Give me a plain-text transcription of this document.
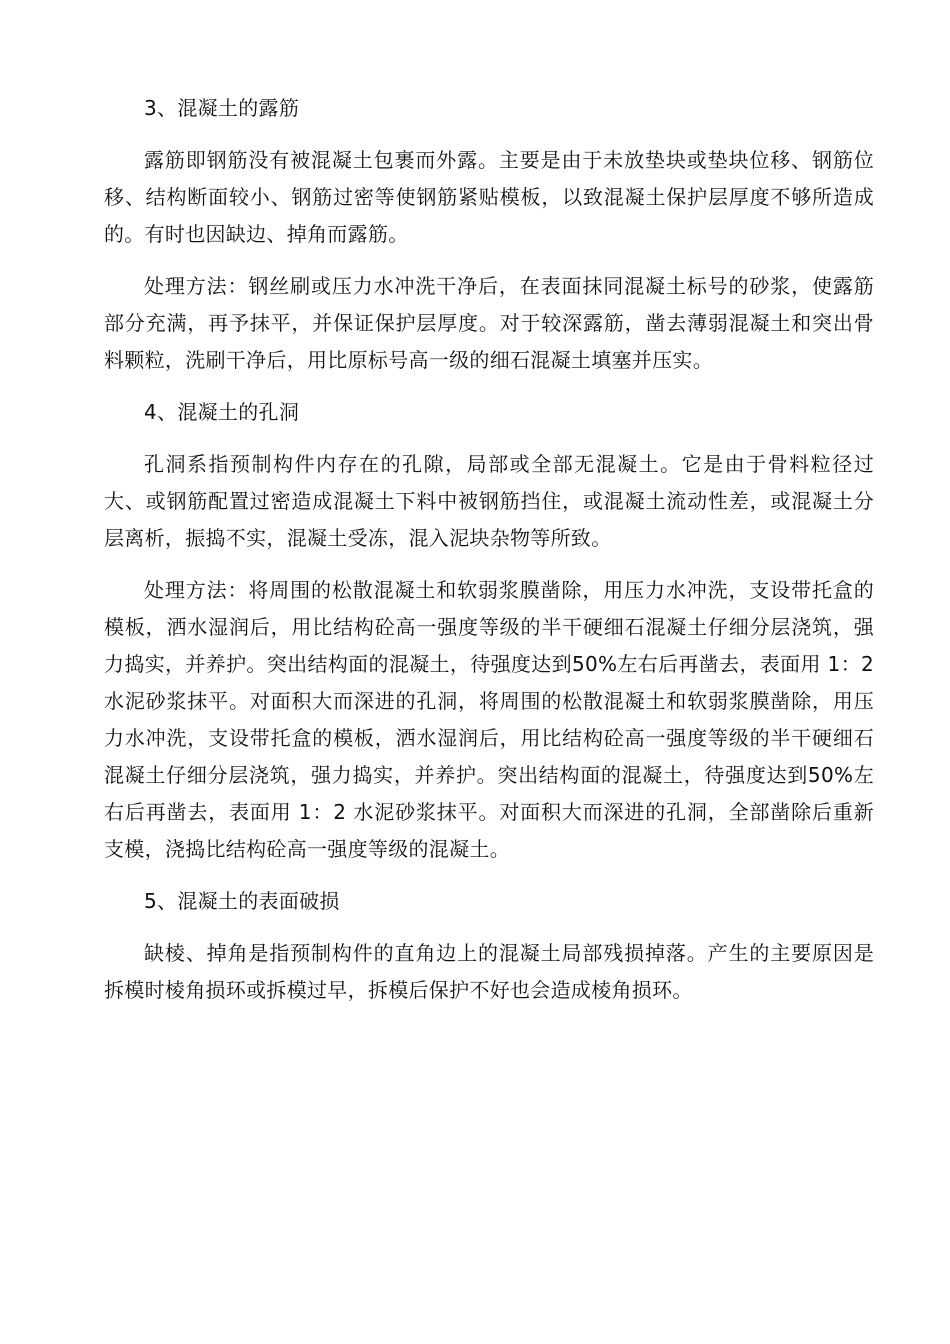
3、混凝土的露筋

露筋即钢筋没有被混凝土包裹而外露。主要是由于未放垫块或垫块位移、钢筋位移、结构断面较小、钢筋过密等使钢筋紧贴模板，以致混凝土保护层厚度不够所造成的。有时也因缺边、掉角而露筋。

处理方法：钢丝刷或压力水冲洗干净后，在表面抹同混凝土标号的砂浆，使露筋部分充满，再予抹平，并保证保护层厚度。对于较深露筋，凿去薄弱混凝土和突出骨料颗粒，洗刷干净后，用比原标号高一级的细石混凝土填塞并压实。

4、混凝土的孔洞

孔洞系指预制构件内存在的孔隙，局部或全部无混凝土。它是由于骨料粒径过大、或钢筋配置过密造成混凝土下料中被钢筋挡住，或混凝土流动性差，或混凝土分层离析，振捣不实，混凝土受冻，混入泥块杂物等所致。

处理方法：将周围的松散混凝土和软弱浆膜凿除，用压力水冲洗，支设带托盒的模板，洒水湿润后，用比结构砼高一强度等级的半干硬细石混凝土仔细分层浇筑，强力捣实，并养护。突出结构面的混凝土，待强度达到50%左右后再凿去，表面用 1：2 水泥砂浆抹平。对面积大而深进的孔洞，将周围的松散混凝土和软弱浆膜凿除，用压力水冲洗，支设带托盒的模板，洒水湿润后，用比结构砼高一强度等级的半干硬细石混凝土仔细分层浇筑，强力捣实，并养护。突出结构面的混凝土，待强度达到50%左右后再凿去，表面用 1：2 水泥砂浆抹平。对面积大而深进的孔洞，全部凿除后重新支模，浇捣比结构砼高一强度等级的混凝土。

5、混凝土的表面破损

缺棱、掉角是指预制构件的直角边上的混凝土局部残损掉落。产生的主要原因是拆模时棱角损环或拆模过早，拆模后保护不好也会造成棱角损环。
